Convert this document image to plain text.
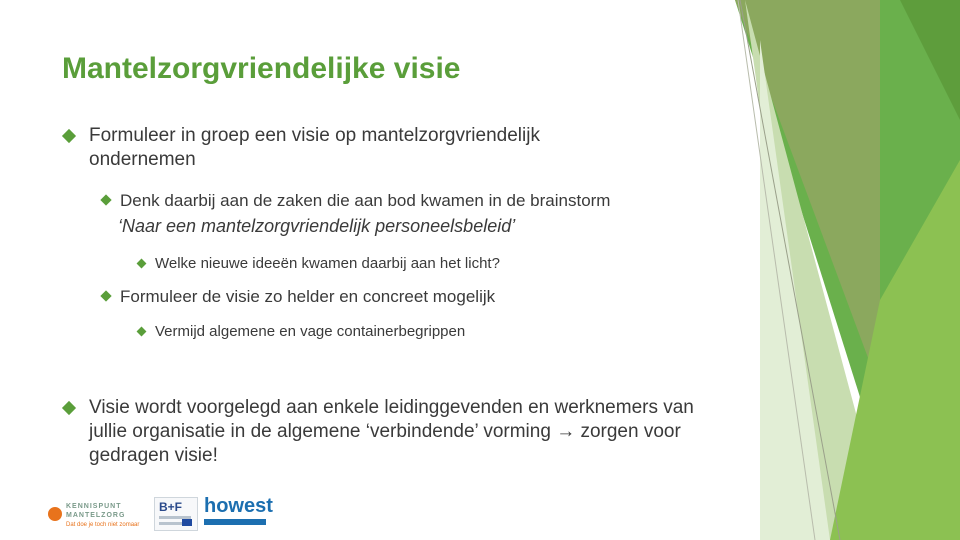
Mantelzorgvriendelijke visie
Formuleer in groep een visie op mantelzorgvriendelijk ondernemen
Denk daarbij aan de zaken die aan bod kwamen in de brainstorm
‘Naar een mantelzorgvriendelijk personeelsbeleid’
Welke nieuwe ideeën kwamen daarbij aan het licht?
Formuleer de visie zo helder en concreet mogelijk
Vermijd algemene en vage containerbegrippen
Visie wordt voorgelegd aan enkele leidinggevenden en werknemers van jullie organisatie in de algemene ‘verbindende’ vorming → zorgen voor gedragen visie!
KENNISPUNT
MANTELZORG
Dat doe je toch niet zomaar
B+F howest
